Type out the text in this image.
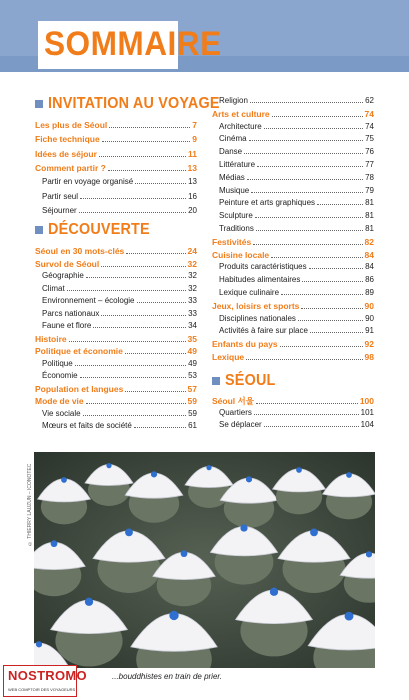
SOMMAIRE
INVITATION AU VOYAGE
DÉCOUVERTE
SÉOUL
Les plus de Séoul	7
Fiche technique	9
Idées de séjour	11
Comment partir ?	13
Partir en voyage organisé	13
Partir seul	16
Séjourner	20
Séoul en 30 mots-clés	24
Survol de Séoul	32
Géographie	32
Climat	32
Environnement – écologie	33
Parcs nationaux	33
Faune et flore	34
Histoire	35
Politique et économie	49
Politique	49
Économie	53
Population et langues	57
Mode de vie	59
Vie sociale	59
Mœurs et faits de société	61
Religion	62
Arts et culture	74
Architecture	74
Cinéma	75
Danse	76
Littérature	77
Médias	78
Musique	79
Peinture et arts graphiques	81
Sculpture	81
Traditions	81
Festivités	82
Cuisine locale	84
Produits caractéristiques	84
Habitudes alimentaires	86
Lexique culinaire	89
Jeux, loisirs et sports	90
Disciplines nationales	90
Activités à faire sur place	91
Enfants du pays	92
Lexique	98
Séoul 서울	100
Quartiers	101
Se déplacer	104
© THIERRY LAUZUN – ICONOTEC
...bouddhistes en train de prier.
NOSTROMO
WEB COMPTOIR DES VOYAGEURS
